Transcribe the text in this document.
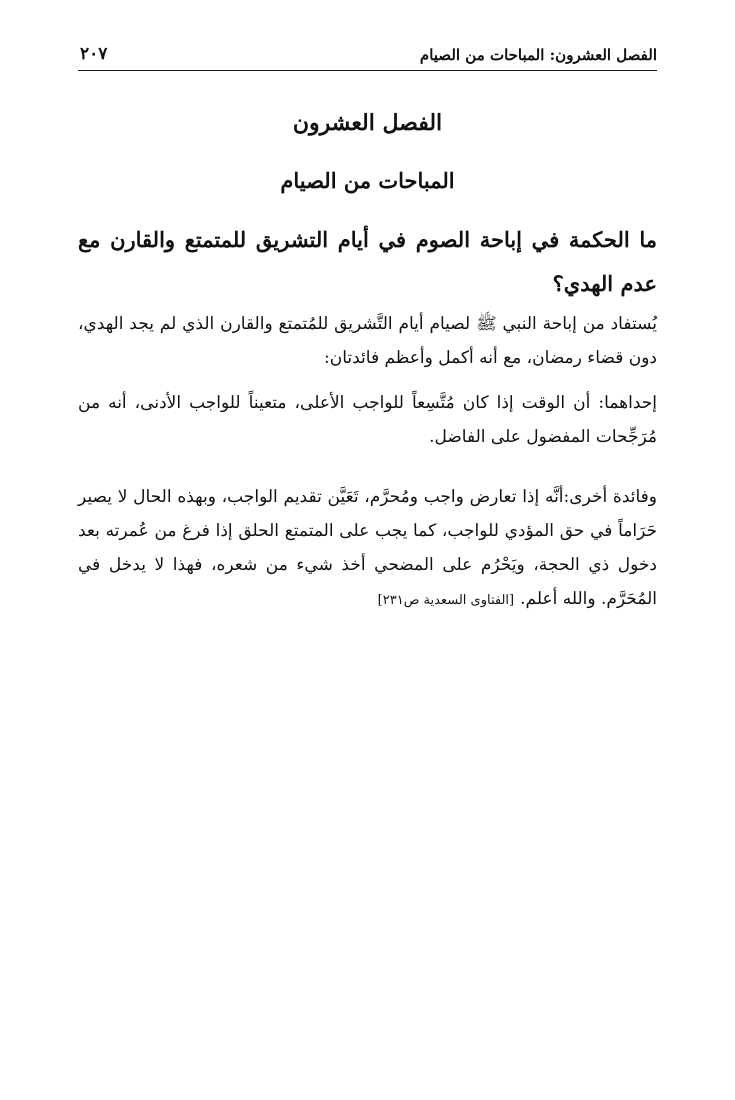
الفصل العشرون: المباحات من الصيام
٢٠٧
الفصل العشرون
المباحات من الصيام
ما الحكمة في إباحة الصوم في أيام التشريق للمتمتع والقارن مع عدم الهدي؟
يُستفاد من إباحة النبي ﷺ لصيام أيام التَّشريق للمُتمتع والقارن الذي لم يجد الهدي، دون قضاء رمضان، مع أنه أكمل وأعظم فائدتان:
إحداهما: أن الوقت إذا كان مُتَّسِعاً للواجب الأعلى، متعيناً للواجب الأدنى، أنه من مُرَجِّحات المفضول على الفاضل.
وفائدة أخرى:أنَّه إذا تعارض واجب ومُحرَّم، تَعَيَّن تقديم الواجب، وبهذه الحال لا يصير حَرَاماً في حق المؤدي للواجب، كما يجب على المتمتع الحلق إذا فرغ من عُمرته بعد دخول ذي الحجة، ويَحْرُم على المضحي أخذ شيء من شعره، فهذا لا يدخل في المُحَرَّم. والله أعلم.[الفتاوى السعدية ص٢٣١]
